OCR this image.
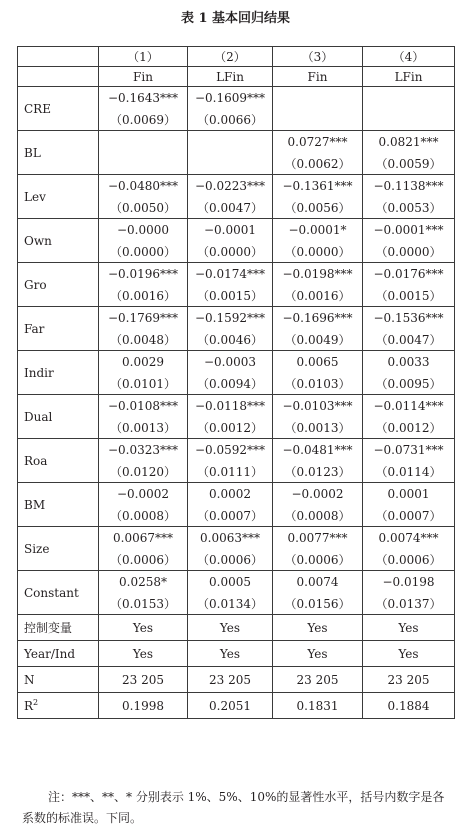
表 1 基本回归结果
	（1）	（2）	（3）	（4）
	Fin	LFin	Fin	LFin
CRE	−0.1643***	−0.1609***		
	（0.0069）	（0.0066）		
BL			0.0727***	0.0821***
			（0.0062）	（0.0059）
Lev	−0.0480***	−0.0223***	−0.1361***	−0.1138***
	（0.0050）	（0.0047）	（0.0056）	（0.0053）
Own	−0.0000	−0.0001	−0.0001*	−0.0001***
	（0.0000）	（0.0000）	（0.0000）	（0.0000）
Gro	−0.0196***	−0.0174***	−0.0198***	−0.0176***
	（0.0016）	（0.0015）	（0.0016）	（0.0015）
Far	−0.1769***	−0.1592***	−0.1696***	−0.1536***
	（0.0048）	（0.0046）	（0.0049）	（0.0047）
Indir	0.0029	−0.0003	0.0065	0.0033
	（0.0101）	（0.0094）	（0.0103）	（0.0095）
Dual	−0.0108***	−0.0118***	−0.0103***	−0.0114***
	（0.0013）	（0.0012）	（0.0013）	（0.0012）
Roa	−0.0323***	−0.0592***	−0.0481***	−0.0731***
	（0.0120）	（0.0111）	（0.0123）	（0.0114）
BM	−0.0002	0.0002	−0.0002	0.0001
	（0.0008）	（0.0007）	（0.0008）	（0.0007）
Size	0.0067***	0.0063***	0.0077***	0.0074***
	（0.0006）	（0.0006）	（0.0006）	（0.0006）
Constant	0.0258*	0.0005	0.0074	−0.0198
	（0.0153）	（0.0134）	（0.0156）	（0.0137）
控制变量	Yes	Yes	Yes	Yes
Year/Ind	Yes	Yes	Yes	Yes
N	23 205	23 205	23 205	23 205
$R^2$	0.1998	0.2051	0.1831	0.1884
注：***、**、* 分别表示 1%、5%、10%的显著性水平，括号内数字是各系数的标准误。下同。
